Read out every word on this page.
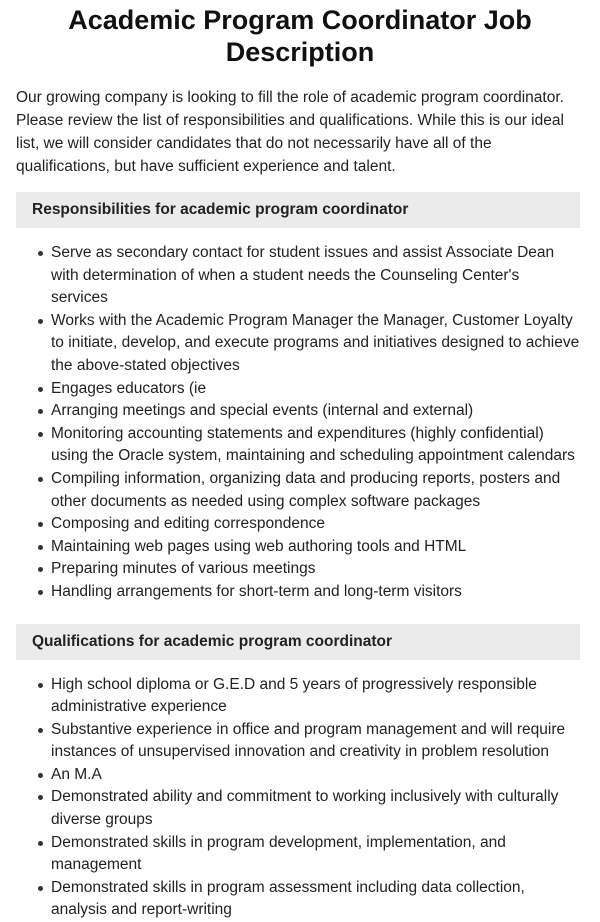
Academic Program Coordinator Job Description

Our growing company is looking to fill the role of academic program coordinator. Please review the list of responsibilities and qualifications. While this is our ideal list, we will consider candidates that do not necessarily have all of the qualifications, but have sufficient experience and talent.

Responsibilities for academic program coordinator
Serve as secondary contact for student issues and assist Associate Dean with determination of when a student needs the Counseling Center's services
Works with the Academic Program Manager the Manager, Customer Loyalty to initiate, develop, and execute programs and initiatives designed to achieve the above-stated objectives
Engages educators (ie
Arranging meetings and special events (internal and external)
Monitoring accounting statements and expenditures (highly confidential) using the Oracle system, maintaining and scheduling appointment calendars
Compiling information, organizing data and producing reports, posters and other documents as needed using complex software packages
Composing and editing correspondence
Maintaining web pages using web authoring tools and HTML
Preparing minutes of various meetings
Handling arrangements for short-term and long-term visitors
Qualifications for academic program coordinator
High school diploma or G.E.D and 5 years of progressively responsible administrative experience
Substantive experience in office and program management and will require instances of unsupervised innovation and creativity in problem resolution
An M.A
Demonstrated ability and commitment to working inclusively with culturally diverse groups
Demonstrated skills in program development, implementation, and management
Demonstrated skills in program assessment including data collection, analysis and report-writing
